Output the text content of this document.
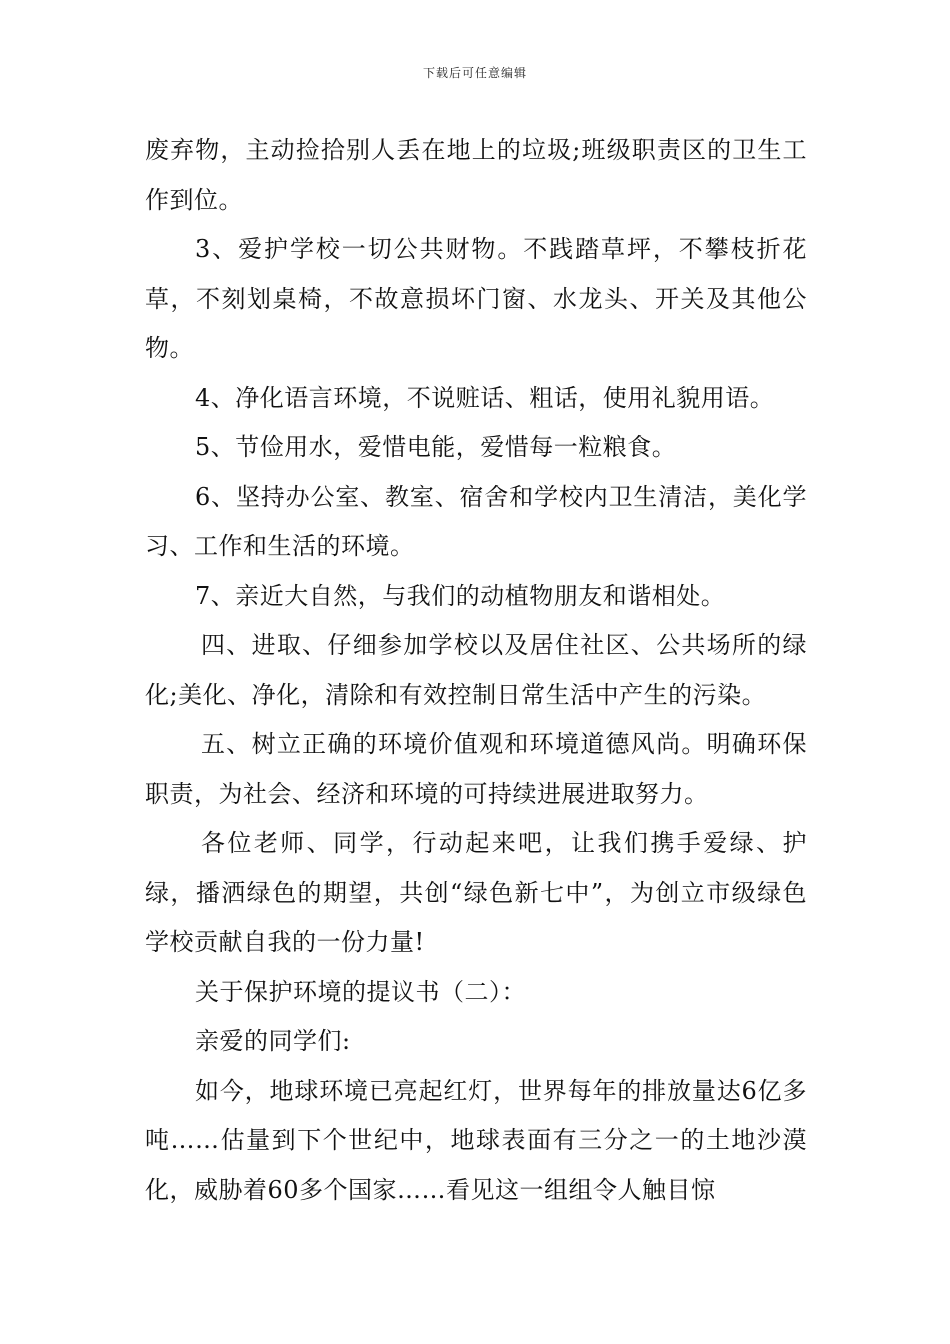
下载后可任意编辑

废弃物，主动捡拾别人丢在地上的垃圾;班级职责区的卫生工作到位。

3、爱护学校一切公共财物。不践踏草坪，不攀枝折花草，不刻划桌椅，不故意损坏门窗、水龙头、开关及其他公物。

4、净化语言环境，不说赃话、粗话，使用礼貌用语。

5、节俭用水，爱惜电能，爱惜每一粒粮食。

6、坚持办公室、教室、宿舍和学校内卫生清洁，美化学习、工作和生活的环境。

7、亲近大自然，与我们的动植物朋友和谐相处。

四、进取、仔细参加学校以及居住社区、公共场所的绿化;美化、净化，清除和有效控制日常生活中产生的污染。

五、树立正确的环境价值观和环境道德风尚。明确环保职责，为社会、经济和环境的可持续进展进取努力。

各位老师、同学，行动起来吧，让我们携手爱绿、护绿，播洒绿色的期望，共创“绿色新七中”，为创立市级绿色学校贡献自我的一份力量!

关于保护环境的提议书（二）：

亲爱的同学们:

如今，地球环境已亮起红灯，世界每年的排放量达6亿多吨……估量到下个世纪中，地球表面有三分之一的土地沙漠化，威胁着60多个国家……看见这一组组令人触目惊
